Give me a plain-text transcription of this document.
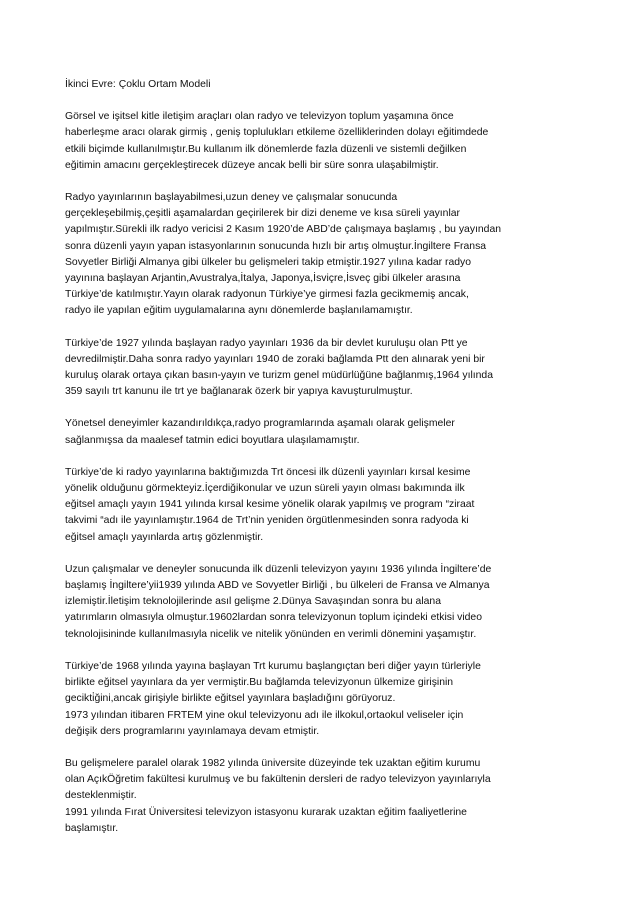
İkinci Evre: Çoklu Ortam Modeli
Görsel ve işitsel kitle iletişim araçları olan radyo ve televizyon toplum yaşamına önce
haberleşme aracı olarak girmiş , geniş toplulukları etkileme özelliklerinden dolayı eğitimdede
etkili biçimde kullanılmıştır.Bu kullanım ilk dönemlerde fazla düzenli ve sistemli değilken
eğitimin amacını gerçekleştirecek düzeye ancak belli bir süre sonra ulaşabilmiştir.
Radyo yayınlarının başlayabilmesi,uzun deney ve çalışmalar sonucunda
gerçekleşebilmiş,çeşitli aşamalardan geçirilerek bir dizi deneme ve kısa süreli yayınlar
yapılmıştır.Sürekli ilk radyo vericisi 2 Kasım 1920’de ABD’de çalışmaya başlamış , bu yayından
sonra düzenli yayın yapan istasyonlarının sonucunda hızlı bir artış olmuştur.İngiltere Fransa
Sovyetler Birliği Almanya gibi ülkeler bu gelişmeleri takip etmiştir.1927 yılına kadar radyo
yayınına başlayan Arjantin,Avustralya,İtalya, Japonya,İsviçre,İsveç gibi ülkeler arasına
Türkiye’de katılmıştır.Yayın olarak radyonun Türkiye’ye girmesi fazla gecikmemiş ancak,
radyo ile yapılan eğitim uygulamalarına aynı dönemlerde başlanılamamıştır.
Türkiye’de 1927 yılında başlayan radyo yayınları 1936 da bir devlet kuruluşu olan Ptt ye
devredilmiştir.Daha sonra radyo yayınları 1940 de zoraki bağlamda Ptt den alınarak yeni bir
kuruluş olarak ortaya çıkan basın-yayın ve turizm genel müdürlüğüne bağlanmış,1964 yılında
359 sayılı trt kanunu ile trt ye bağlanarak özerk bir yapıya kavuşturulmuştur.
Yönetsel deneyimler kazandırıldıkça,radyo programlarında aşamalı olarak gelişmeler
sağlanmışsa da maalesef tatmin edici boyutlara ulaşılamamıştır.
Türkiye’de ki radyo yayınlarına baktığımızda Trt öncesi ilk düzenli yayınları kırsal kesime
yönelik olduğunu görmekteyiz.İçerdiğikonular ve uzun süreli yayın olması bakımında ilk
eğitsel amaçlı yayın 1941 yılında kırsal kesime yönelik olarak yapılmış ve program “ziraat
takvimi “adı ile yayınlamıştır.1964 de Trt’nin yeniden örgütlenmesinden sonra radyoda ki
eğitsel amaçlı yayınlarda artış gözlenmiştir.
Uzun çalışmalar ve deneyler sonucunda ilk düzenli televizyon yayını 1936 yılında İngiltere’de
başlamış İngiltere’yii1939 yılında ABD ve Sovyetler Birliği , bu ülkeleri de Fransa ve Almanya
izlemiştir.İletişim teknolojilerinde asıl gelişme 2.Dünya Savaşından sonra bu alana
yatırımların olmasıyla olmuştur.19602lardan sonra televizyonun toplum içindeki etkisi video
teknolojisininde kullanılmasıyla nicelik ve nitelik yönünden en verimli dönemini yaşamıştır.
Türkiye’de 1968 yılında yayına başlayan Trt kurumu başlangıçtan beri diğer yayın türleriyle
birlikte eğitsel yayınlara da yer vermiştir.Bu bağlamda televizyonun ülkemize girişinin
gecikti̇ğini,ancak girişiyle birlikte eğitsel yayınlara başladığını görüyoruz.
1973 yılından itibaren FRTEM yine okul televizyonu adı ile ilkokul,ortaokul veliseler için
değişik ders programlarını yayınlamaya devam etmiştir.
Bu gelişmelere paralel olarak 1982 yılında üniversite düzeyinde tek uzaktan eğitim kurumu
olan AçıkÖğretim fakültesi kurulmuş ve bu fakültenin dersleri de radyo televizyon yayınlarıyla
desteklenmiştir.
1991 yılında Fırat Üniversitesi televizyon istasyonu kurarak uzaktan eğitim faaliyetlerine
başlamıştır.
